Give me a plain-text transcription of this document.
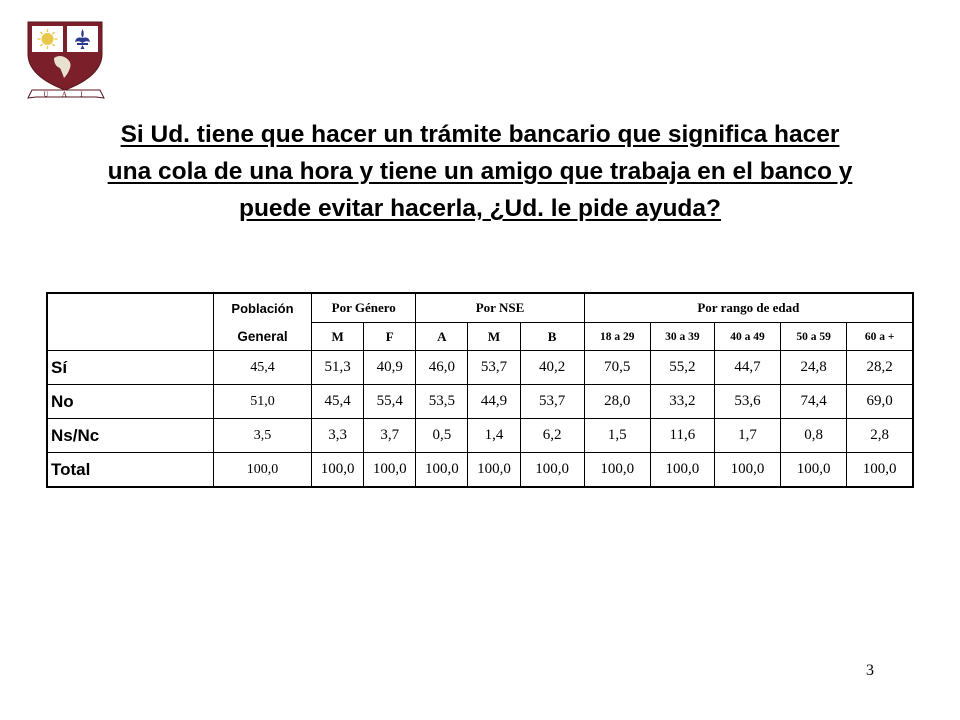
U A I
Si Ud. tiene que hacer un trámite bancario que significa hacer
una cola de una hora y tiene un amigo que trabaja en el banco y
puede evitar hacerla, ¿Ud. le pide ayuda?
	Población	Por Género		Por NSE			Por rango de edad				
	General	M	F	A	M	B	18 a 29	30 a 39	40 a 49	50 a 59	60 a +
Sí	45,4	51,3	40,9	46,0	53,7	40,2	70,5	55,2	44,7	24,8	28,2
No	51,0	45,4	55,4	53,5	44,9	53,7	28,0	33,2	53,6	74,4	69,0
Ns/Nc	3,5	3,3	3,7	0,5	1,4	6,2	1,5	11,6	1,7	0,8	2,8
Total	100,0	100,0	100,0	100,0	100,0	100,0	100,0	100,0	100,0	100,0	100,0
3
